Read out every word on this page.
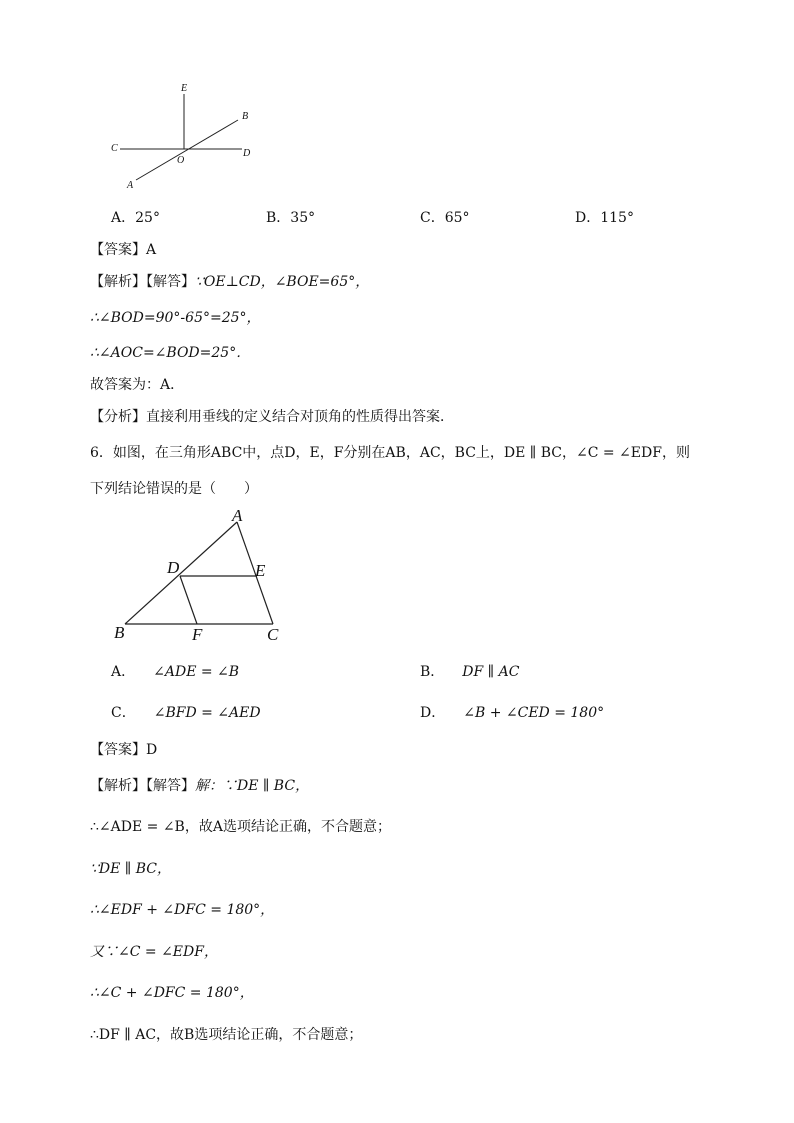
E
B
C
O
D
A
A．25°	B．35°	C．65°	D．115°
【答案】A
【解析】【解答】∵OE⊥CD，∠BOE=65°，
∴∠BOD=90°-65°=25°，
∴∠AOC=∠BOD=25°．
故答案为：A．
【分析】直接利用垂线的定义结合对顶角的性质得出答案．
6．如图，在三角形ABC中，点D，E，F分别在AB，AC，BC上，DE ∥ BC，∠C = ∠EDF，则
下列结论错误的是（　　）
A
D	E
B	F	C
A． ∠ADE = ∠B	B． DF ∥ AC
C． ∠BFD = ∠AED	D． ∠B + ∠CED = 180°
【答案】D
【解析】【解答】解：∵DE ∥ BC，
∴∠ADE = ∠B，故A选项结论正确，不合题意；
∵DE ∥ BC，
∴∠EDF + ∠DFC = 180°，
又∵∠C = ∠EDF，
∴∠C + ∠DFC = 180°，
∴DF ∥ AC，故B选项结论正确，不合题意；
